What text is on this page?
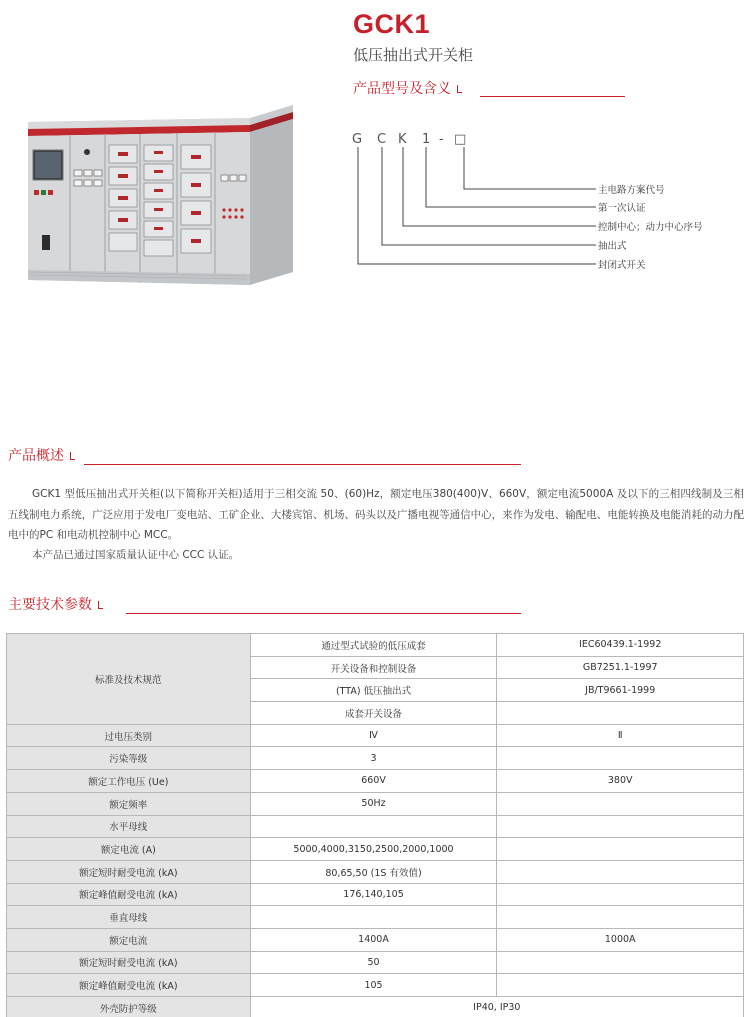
GCK1
低压抽出式开关柜
产品型号及含义
G C K 1 - □
主电路方案代号
第一次认证
控制中心；动力中心序号
抽出式
封闭式开关
产品概述

GCK1 型低压抽出式开关柜(以下简称开关柜)适用于三相交流 50、(60)Hz，额定电压380(400)V、660V，额定电流5000A 及以下的三相四线制及三相五线制电力系统，广泛应用于发电厂变电站、工矿企业、大楼宾馆、机场、码头以及广播电视等通信中心，来作为发电、输配电、电能转换及电能消耗的动力配电中的PC 和电动机控制中心 MCC。

本产品已通过国家质量认证中心 CCC 认证。

主要技术参数
标准及技术规范	通过型式试验的低压成套	IEC60439.1-1992
	开关设备和控制设备	GB7251.1-1997
	(TTA) 低压抽出式	JB/T9661-1999
	成套开关设备	
过电压类别	Ⅳ	Ⅱ
污染等级	3	
额定工作电压 (Ue)	660V	380V
额定频率	50Hz	
水平母线		
额定电流 (A)	5000,4000,3150,2500,2000,1000	
额定短时耐受电流 (kA)	80,65,50 (1S 有效值)	
额定峰值耐受电流 (kA)	176,140,105	
垂直母线		
额定电流	1400A	1000A
额定短时耐受电流 (kA)	50	
额定峰值耐受电流 (kA)	105	
外壳防护等级	IP40, IP30	
